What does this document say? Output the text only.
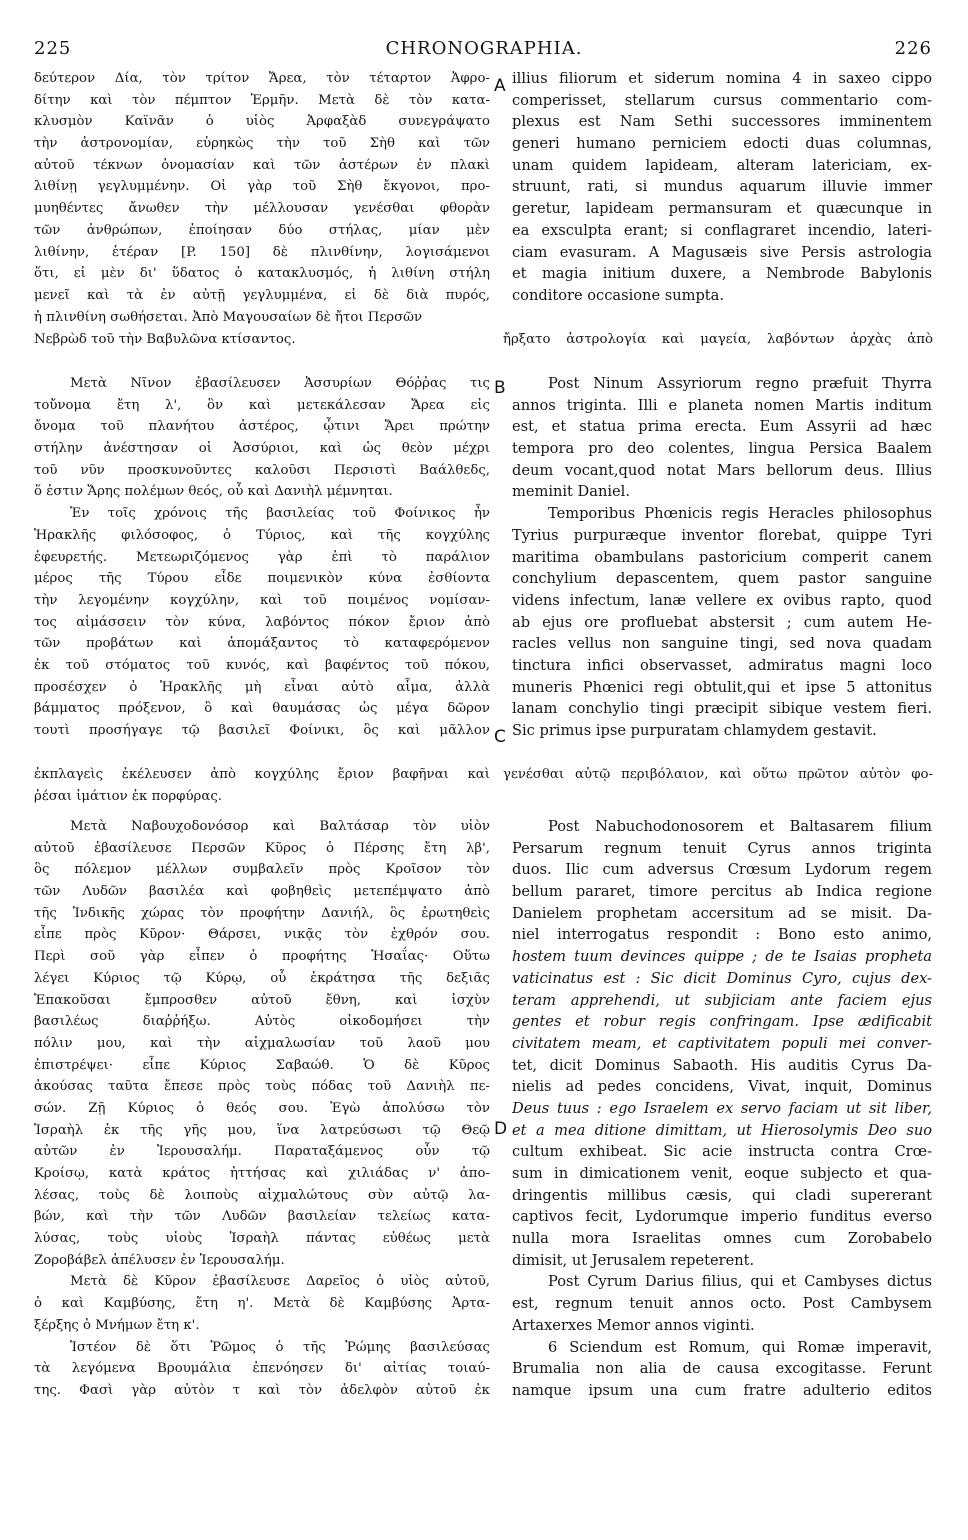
225	CHRONOGRAPHIA.	226
A
B
C
D
δεύτερον Δία, τὸν τρίτον Ἄρεα, τὸν τέταρτον Ἀφρο-
δίτην καὶ τὸν πέμπτον Ἑρμῆν. Μετὰ δὲ τὸν κατα-
κλυσμὸν Καϊνᾶν ὁ υἱὸς Ἀρφαξὰδ συνεγράψατο
τὴν ἀστρονομίαν, εὑρηκὼς τὴν τοῦ Σὴθ καὶ τῶν
αὐτοῦ τέκνων ὀνομασίαν καὶ τῶν ἀστέρων ἐν πλακὶ
λιθίνῃ γεγλυμμένην. Οἱ γὰρ τοῦ Σὴθ ἔκγονοι, προ-
μυηθέντες ἄνωθεν τὴν μέλλουσαν γενέσθαι φθορὰν
τῶν ἀνθρώπων, ἐποίησαν δύο στήλας, μίαν μὲν
λιθίνην, ἑτέραν [P. 150] δὲ πλινθίνην, λογισάμενοι
ὅτι, εἰ μὲν δι' ὕδατος ὁ κατακλυσμός, ἡ λιθίνη στήλη
μενεῖ καὶ τὰ ἐν αὐτῇ γεγλυμμένα, εἰ δὲ διὰ πυρός,
ἡ πλινθίνη σωθήσεται. Ἀπὸ Μαγουσαίων δὲ ἤτοι Περσῶν
Νεβρὼδ τοῦ τὴν Βαβυλῶνα κτίσαντος.
Μετὰ Νῖνον ἐβασίλευσεν Ἀσσυρίων Θόῤῥας τις
τοὔνομα ἔτη λ', ὃν καὶ μετεκάλεσαν Ἄρεα εἰς
ὄνομα τοῦ πλανήτου ἀστέρος, ᾧτινι Ἄρει πρώτην
στήλην ἀνέστησαν οἱ Ἀσσύριοι, καὶ ὡς θεὸν μέχρι
τοῦ νῦν προσκυνοῦντες καλοῦσι Περσιστὶ Βαάλθεδς,
ὅ ἐστιν Ἄρης πολέμων θεός, οὗ καὶ Δανιὴλ μέμνηται.
Ἐν τοῖς χρόνοις τῆς βασιλείας τοῦ Φοίνικος ἦν
Ἡρακλῆς φιλόσοφος, ὁ Τύριος, καὶ τῆς κογχύλης
ἐφευρετής. Μετεωριζόμενος γὰρ ἐπὶ τὸ παράλιον
μέρος τῆς Τύρου εἶδε ποιμενικὸν κύνα ἐσθίοντα
τὴν λεγομένην κογχύλην, καὶ τοῦ ποιμένος νομίσαν-
τος αἱμάσσειν τὸν κύνα, λαβόντος πόκον ἔριον ἀπὸ
τῶν προβάτων καὶ ἀπομάξαντος τὸ καταφερόμενον
ἐκ τοῦ στόματος τοῦ κυνός, καὶ βαφέντος τοῦ πόκου,
προσέσχεν ὁ Ἡρακλῆς μὴ εἶναι αὐτὸ αἷμα, ἀλλὰ
βάμματος πρόξενον, ὃ καὶ θαυμάσας ὡς μέγα δῶρον
τουτὶ προσήγαγε τῷ βασιλεῖ Φοίνικι, ὃς καὶ μᾶλλον
ἐκπλαγεὶς ἐκέλευσεν ἀπὸ κογχύλης ἔριον βαφῆναι καὶ
ῥέσαι ἱμάτιον ἐκ πορφύρας.
Μετὰ Ναβουχοδονόσορ καὶ Βαλτάσαρ τὸν υἱὸν
αὐτοῦ ἐβασίλευσε Περσῶν Κῦρος ὁ Πέρσης ἔτη λβ',
ὃς πόλεμον μέλλων συμβαλεῖν πρὸς Κροῖσον τὸν
τῶν Λυδῶν βασιλέα καὶ φοβηθεὶς μετεπέμψατο ἀπὸ
τῆς Ἰνδικῆς χώρας τὸν προφήτην Δανιήλ, ὃς ἐρωτηθεὶς
εἶπε πρὸς Κῦρον· Θάρσει, νικᾷς τὸν ἐχθρόν σου.
Περὶ σοῦ γὰρ εἶπεν ὁ προφήτης Ἠσαΐας· Οὕτω
λέγει Κύριος τῷ Κύρῳ, οὗ ἐκράτησα τῆς δεξιᾶς
Ἐπακοῦσαι ἔμπροσθεν αὐτοῦ ἔθνη, καὶ ἰσχὺν
βασιλέως διαῤῥήξω. Αὐτὸς οἰκοδομήσει τὴν
πόλιν μου, καὶ τὴν αἰχμαλωσίαν τοῦ λαοῦ μου
ἐπιστρέψει· εἶπε Κύριος Σαβαώθ. Ὁ δὲ Κῦρος
ἀκούσας ταῦτα ἔπεσε πρὸς τοὺς πόδας τοῦ Δανιὴλ πε-
σών. Ζῇ Κύριος ὁ θεός σου. Ἐγὼ ἀπολύσω τὸν
Ἰσραὴλ ἐκ τῆς γῆς μου, ἵνα λατρεύσωσι τῷ Θεῷ
αὐτῶν ἐν Ἱερουσαλήμ. Παραταξάμενος οὖν τῷ
Κροίσῳ, κατὰ κράτος ἡττήσας καὶ χιλιάδας ν' ἀπο-
λέσας, τοὺς δὲ λοιποὺς αἰχμαλώτους σὺν αὐτῷ λα-
βών, καὶ τὴν τῶν Λυδῶν βασιλείαν τελείως κατα-
λύσας, τοὺς υἱοὺς Ἰσραὴλ πάντας εὐθέως μετὰ
Ζοροβάβελ ἀπέλυσεν ἐν Ἱερουσαλήμ.
Μετὰ δὲ Κῦρον ἐβασίλευσε Δαρεῖος ὁ υἱὸς αὐτοῦ,
ὁ καὶ Καμβύσης, ἔτη η'. Μετὰ δὲ Καμβύσης Ἀρτα-
ξέρξης ὁ Μνήμων ἔτη κ'.
Ἰστέον δὲ ὅτι Ῥῶμος ὁ τῆς Ῥώμης βασιλεύσας
τὰ λεγόμενα Βρουμάλια ἐπενόησεν δι' αἰτίας τοιαύ-
της. Φασὶ γὰρ αὐτὸν τ καὶ τὸν ἀδελφὸν αὐτοῦ ἐκ
illius filiorum et siderum nomina 4 in saxeo cippo
comperisset, stellarum cursus commentario com-
plexus est Nam Sethi successores imminentem
generi humano perniciem edocti duas columnas,
unam quidem lapideam, alteram latericiam, ex-
struunt, rati, si mundus aquarum illuvie immer
geretur, lapideam permansuram et quæcunque in
ea exsculpta erant; si conflagraret incendio, lateri-
ciam evasuram. A Magusæis sive Persis astrologia
et magia initium duxere, a Nembrode Babylonis
conditore occasione sumpta.
ἤρξατο ἀστρολογία καὶ μαγεία, λαβόντων ἀρχὰς ἀπὸ
Post Ninum Assyriorum regno præfuit Thyrra
annos triginta. Illi e planeta nomen Martis inditum
est, et statua prima erecta. Eum Assyrii ad hæc
tempora pro deo colentes, lingua Persica Baalem
deum vocant,quod notat Mars bellorum deus. Illius
meminit Daniel.
Temporibus Phœnicis regis Heracles philosophus
Tyrius purpuræque inventor florebat, quippe Tyri
maritima obambulans pastoricium comperit canem
conchylium depascentem, quem pastor sanguine
videns infectum, lanæ vellere ex ovibus rapto, quod
ab ejus ore profluebat abstersit ; cum autem He-
racles vellus non sanguine tingi, sed nova quadam
tinctura infici observasset, admiratus magni loco
muneris Phœnici regi obtulit,qui et ipse 5 attonitus
lanam conchylio tingi præcipit sibique vestem fieri.
Sic primus ipse purpuratam chlamydem gestavit.
γενέσθαι αὐτῷ περιβόλαιον, καὶ οὕτω πρῶτον αὐτὸν φο-
Post Nabuchodonosorem et Baltasarem filium
Persarum regnum tenuit Cyrus annos triginta
duos. Ilic cum adversus Crœsum Lydorum regem
bellum pararet, timore percitus ab Indica regione
Danielem prophetam accersitum ad se misit. Da-
niel interrogatus respondit : Bono esto animo,
hostem tuum devinces quippe ; de te Isaias propheta
vaticinatus est : Sic dicit Dominus Cyro, cujus dex-
teram apprehendi, ut subjiciam ante faciem ejus
gentes et robur regis confringam. Ipse ædificabit
civitatem meam, et captivitatem populi mei conver-
tet, dicit Dominus Sabaoth. His auditis Cyrus Da-
nielis ad pedes concidens, Vivat, inquit, Dominus
Deus tuus : ego Israelem ex servo faciam ut sit liber,
et a mea ditione dimittam, ut Hierosolymis Deo suo
cultum exhibeat. Sic acie instructa contra Crœ-
sum in dimicationem venit, eoque subjecto et qua-
dringentis millibus cæsis, qui cladi supererant
captivos fecit, Lydorumque imperio funditus everso
nulla mora Israelitas omnes cum Zorobabelo
dimisit, ut Jerusalem repeterent.
Post Cyrum Darius filius, qui et Cambyses dictus
est, regnum tenuit annos octo. Post Cambysem
Artaxerxes Memor annos viginti.
6 Sciendum est Romum, qui Romæ imperavit,
Brumalia non alia de causa excogitasse. Ferunt
namque ipsum una cum fratre adulterio editos
